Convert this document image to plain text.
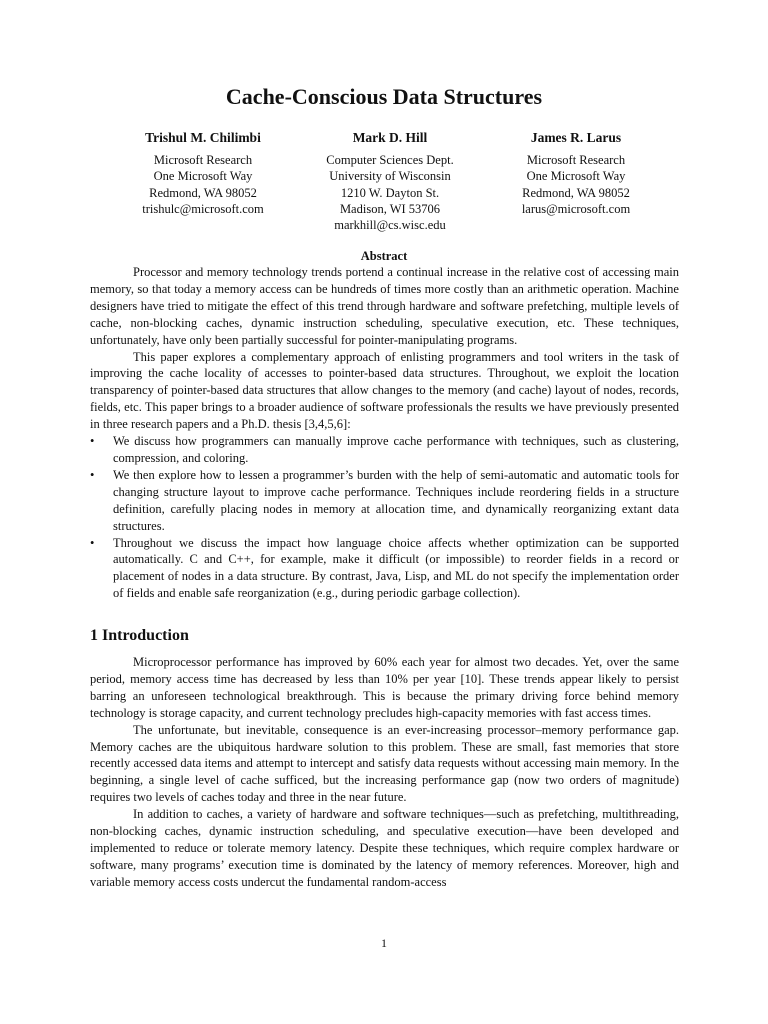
Cache-Conscious Data Structures
Trishul M. Chilimbi
Microsoft Research
One Microsoft Way
Redmond, WA 98052
trishulc@microsoft.com
Mark D. Hill
Computer Sciences Dept.
University of Wisconsin
1210 W. Dayton St.
Madison, WI 53706
markhill@cs.wisc.edu
James R. Larus
Microsoft Research
One Microsoft Way
Redmond, WA 98052
larus@microsoft.com
Abstract

Processor and memory technology trends portend a continual increase in the relative cost of accessing main memory, so that today a memory access can be hundreds of times more costly than an arithmetic operation. Machine designers have tried to mitigate the effect of this trend through hardware and software prefetching, multiple levels of cache, non-blocking caches, dynamic instruction scheduling, speculative execution, etc. These techniques, unfortunately, have only been partially successful for pointer-manipulating programs.

This paper explores a complementary approach of enlisting programmers and tool writers in the task of improving the cache locality of accesses to pointer-based data structures. Throughout, we exploit the location transparency of pointer-based data structures that allow changes to the memory (and cache) layout of nodes, records, fields, etc. This paper brings to a broader audience of software professionals the results we have previously presented in three research papers and a Ph.D. thesis [3,4,5,6]:

• We discuss how programmers can manually improve cache performance with techniques, such as clustering, compression, and coloring.
• We then explore how to lessen a programmer’s burden with the help of semi-automatic and automatic tools for changing structure layout to improve cache performance. Techniques include reordering fields in a structure definition, carefully placing nodes in memory at allocation time, and dynamically reorganizing extant data structures.
• Throughout we discuss the impact how language choice affects whether optimization can be supported automatically. C and C++, for example, make it difficult (or impossible) to reorder fields in a record or placement of nodes in a data structure. By contrast, Java, Lisp, and ML do not specify the implementation order of fields and enable safe reorganization (e.g., during periodic garbage collection).
1 Introduction

Microprocessor performance has improved by 60% each year for almost two decades. Yet, over the same period, memory access time has decreased by less than 10% per year [10]. These trends appear likely to persist barring an unforeseen technological breakthrough. This is because the primary driving force behind memory technology is storage capacity, and current technology precludes high-capacity memories with fast access times.

The unfortunate, but inevitable, consequence is an ever-increasing processor–memory performance gap. Memory caches are the ubiquitous hardware solution to this problem. These are small, fast memories that store recently accessed data items and attempt to intercept and satisfy data requests without accessing main memory. In the beginning, a single level of cache sufficed, but the increasing performance gap (now two orders of magnitude) requires two levels of caches today and three in the near future.

In addition to caches, a variety of hardware and software techniques—such as prefetching, multithreading, non-blocking caches, dynamic instruction scheduling, and speculative execution—have been developed and implemented to reduce or tolerate memory latency. Despite these techniques, which require complex hardware or software, many programs’ execution time is dominated by the latency of memory references. Moreover, high and variable memory access costs undercut the fundamental random-access

1
